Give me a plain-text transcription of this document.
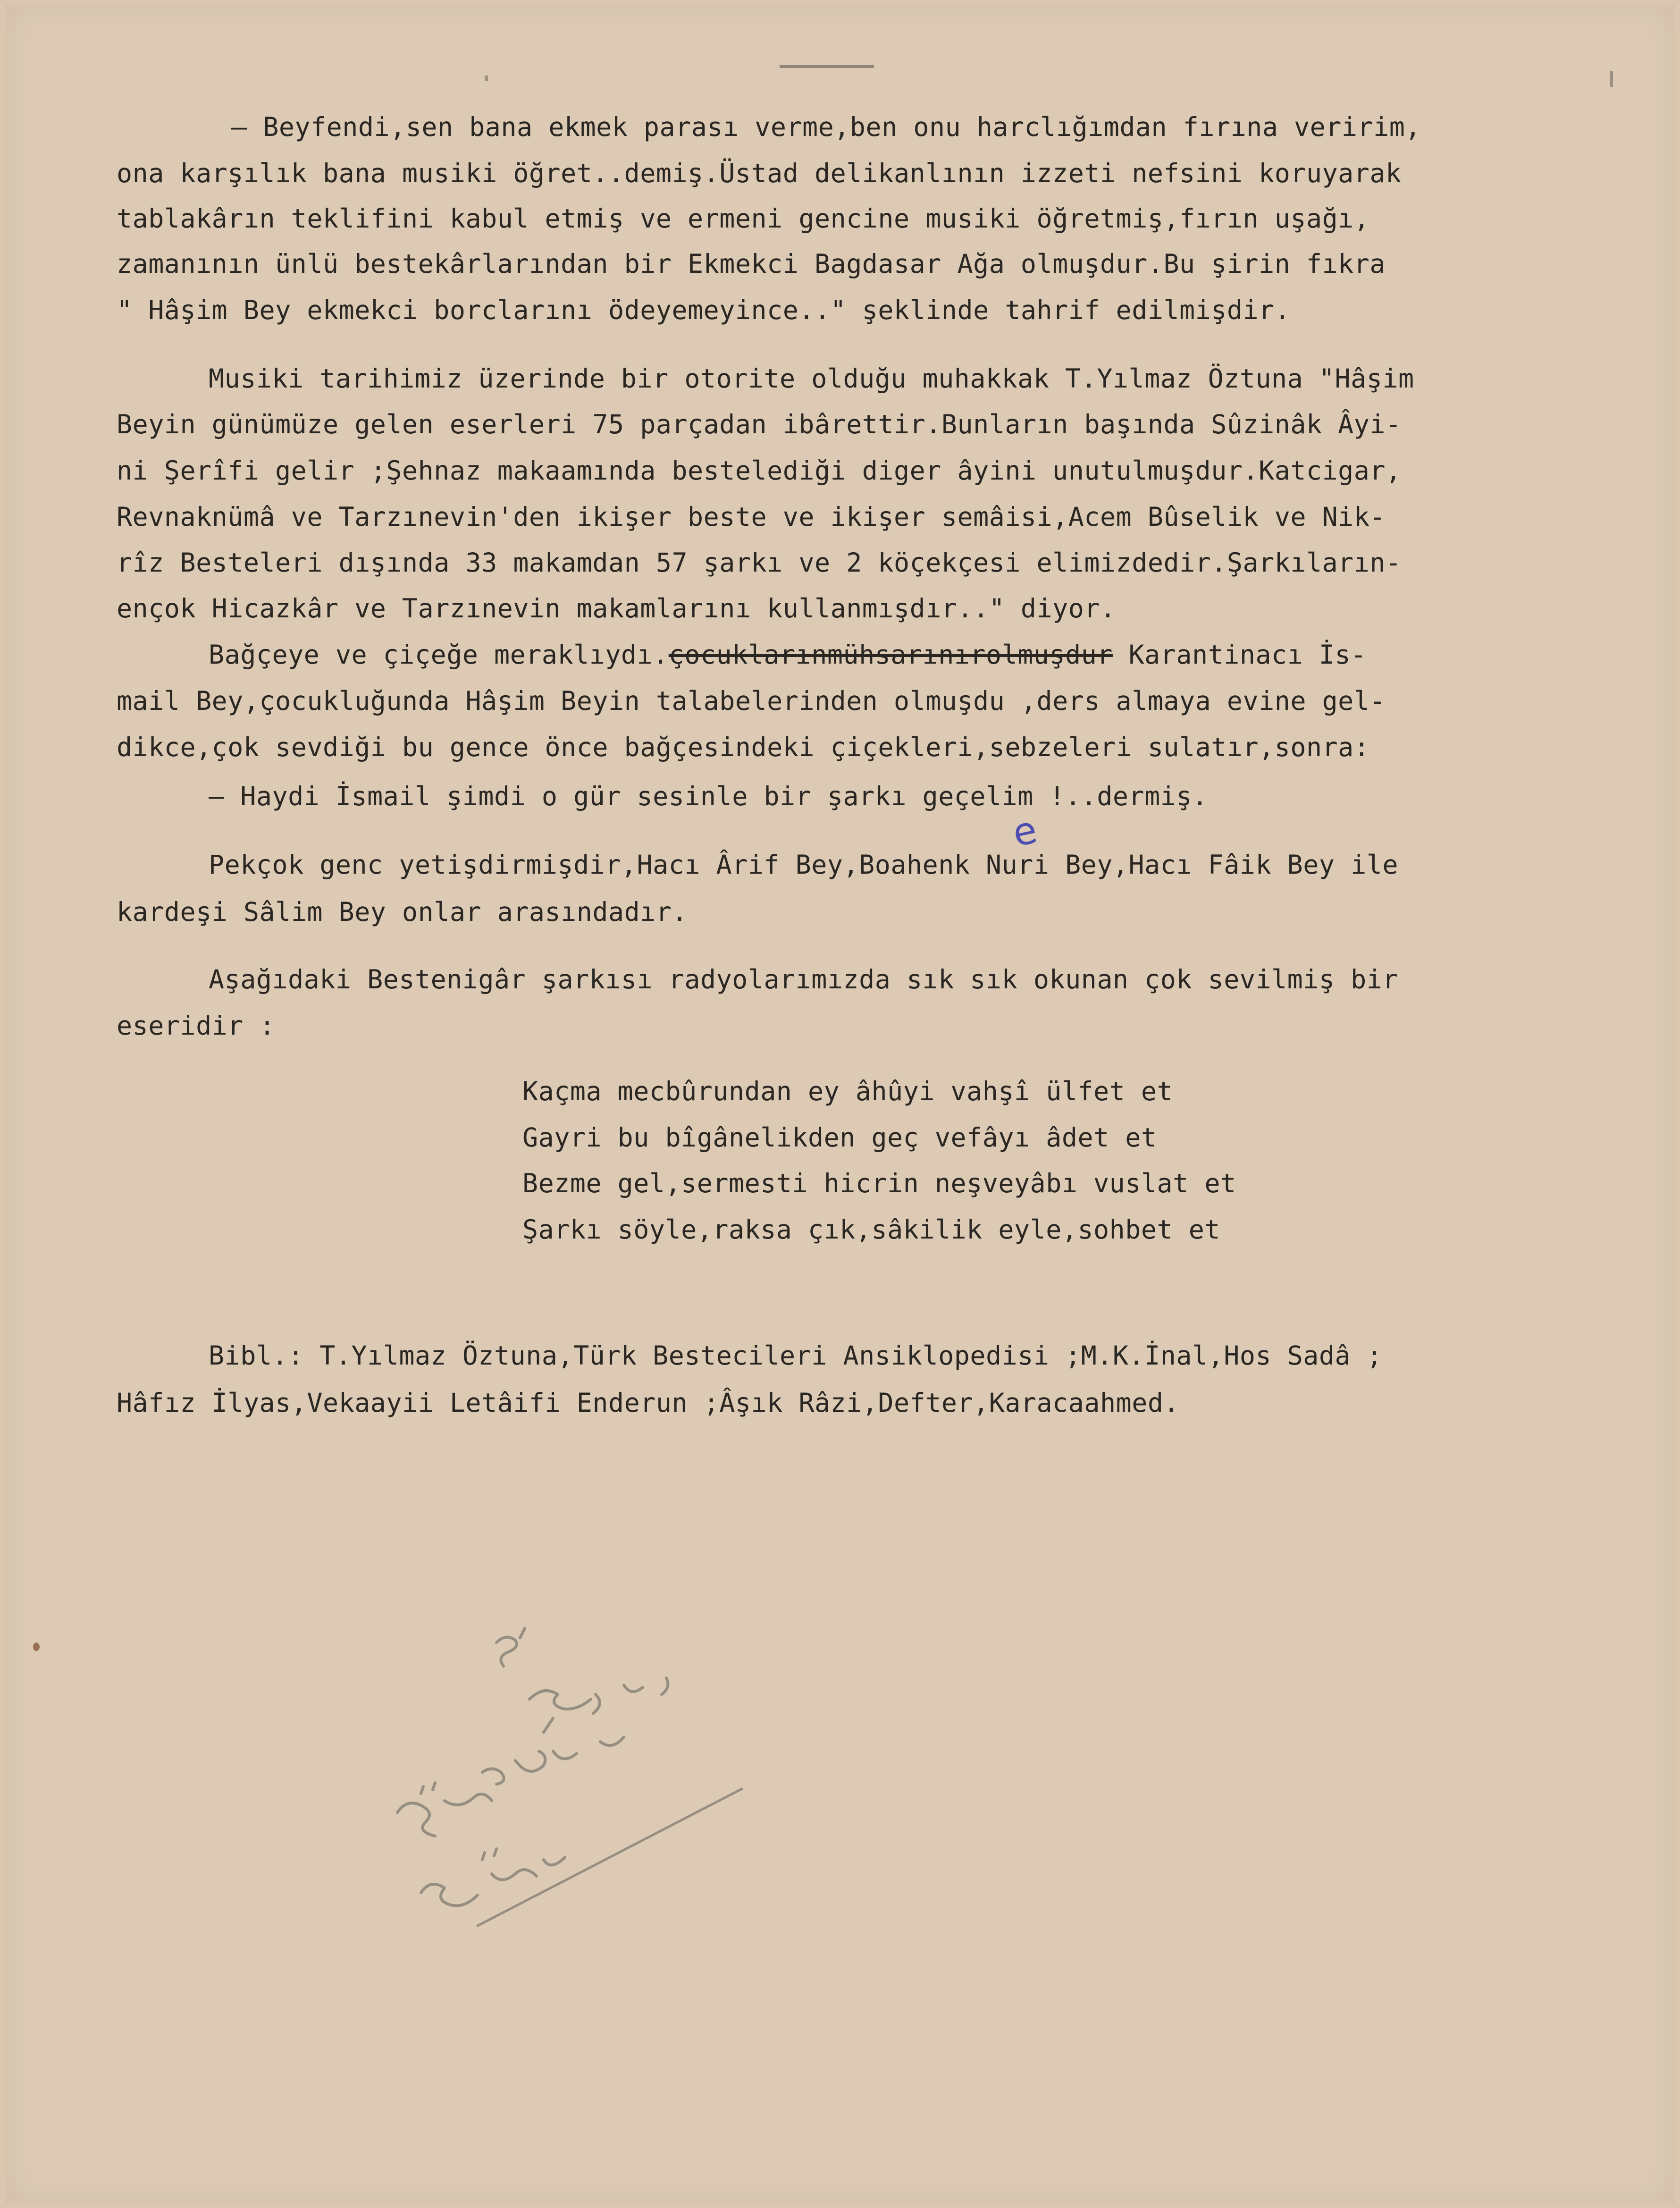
– Beyfendi,sen bana ekmek parası verme,ben onu harclığımdan fırına veririm,
ona karşılık bana musiki öğret..demiş.Üstad delikanlının izzeti nefsini koruyarak
tablakârın teklifini kabul etmiş ve ermeni gencine musiki öğretmiş,fırın uşağı,
zamanının ünlü bestekârlarından bir Ekmekci Bagdasar Ağa olmuşdur.Bu şirin fıkra
" Hâşim Bey ekmekci borclarını ödeyemeyince.." şeklinde tahrif edilmişdir.
Musiki tarihimiz üzerinde bir otorite olduğu muhakkak T.Yılmaz Öztuna "Hâşim
Beyin günümüze gelen eserleri 75 parçadan ibârettir.Bunların başında Sûzinâk Âyi-
ni Şerîfi gelir ;Şehnaz makaamında bestelediği diger âyini unutulmuşdur.Katcigar,
Revnaknümâ ve Tarzınevin'den ikişer beste ve ikişer semâisi,Acem Bûselik ve Nik-
rîz Besteleri dışında 33 makamdan 57 şarkı ve 2 köçekçesi elimizdedir.Şarkıların-
ençok Hicazkâr ve Tarzınevin makamlarını kullanmışdır.." diyor.
Bağçeye ve çiçeğe meraklıydı.çocuklarınmühsarınırolmuşdur Karantinacı İs-
mail Bey,çocukluğunda Hâşim Beyin talabelerinden olmuşdu ,ders almaya evine gel-
dikce,çok sevdiği bu gence önce bağçesindeki çiçekleri,sebzeleri sulatır,sonra:
– Haydi İsmail şimdi o gür sesinle bir şarkı geçelim !..dermiş.
e
Pekçok genc yetişdirmişdir,Hacı Ârif Bey,Boahenk Nuri Bey,Hacı Fâik Bey ile
kardeşi Sâlim Bey onlar arasındadır.
Aşağıdaki Bestenigâr şarkısı radyolarımızda sık sık okunan çok sevilmiş bir
eseridir :
Kaçma mecbûrundan ey âhûyi vahşî ülfet et
Gayri bu bîgânelikden geç vefâyı âdet et
Bezme gel,sermesti hicrin neşveyâbı vuslat et
Şarkı söyle,raksa çık,sâkilik eyle,sohbet et
Bibl.: T.Yılmaz Öztuna,Türk Bestecileri Ansiklopedisi ;M.K.İnal,Hos Sadâ ;
Hâfız İlyas,Vekaayii Letâifi Enderun ;Âşık Râzi,Defter,Karacaahmed.
